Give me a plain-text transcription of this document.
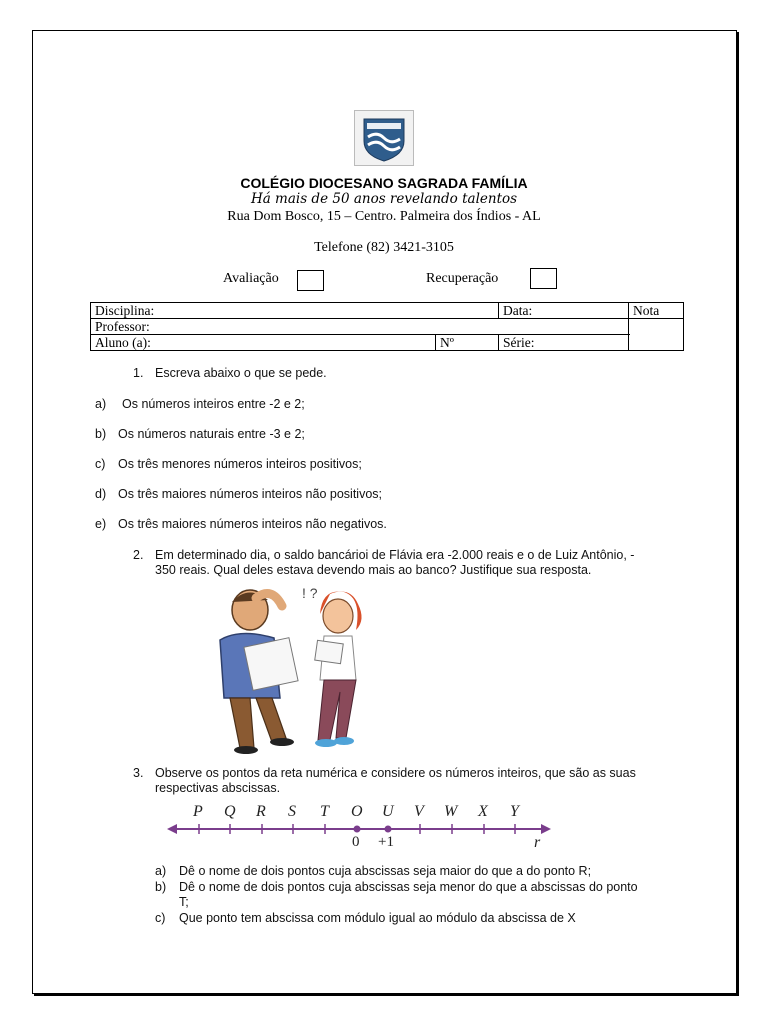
COLÉGIO DIOCESANO SAGRADA FAMÍLIA
Há mais de 50 anos revelando talentos
Rua Dom Bosco, 15 – Centro. Palmeira dos Índios - AL
Telefone (82) 3421-3105
Avaliação	Recuperação
Disciplina:		Data:	Nota
Professor:			
Aluno (a):	Nº	Série:	
1. Escreva abaixo o que se pede.
a) Os números inteiros entre -2 e 2;
b) Os números naturais entre -3 e 2;
c) Os três menores números inteiros positivos;
d) Os três maiores números inteiros não positivos;
e) Os três maiores números inteiros não negativos.
2. Em determinado dia, o saldo bancárioi de Flávia era -2.000 reais e o de Luiz Antônio, -
350 reais. Qual deles estava devendo mais ao banco? Justifique sua resposta.
! ?
3. Observe os pontos da reta numérica e considere os números inteiros, que são as suas
respectivas abscissas.
P Q R S T O U V W X Y
0 +1	r
a) Dê o nome de dois pontos cuja abscissas seja maior do que a do ponto R;
b) Dê o nome de dois pontos cuja abscissas seja menor do que a abscissas do ponto
T;
c) Que ponto tem abscissa com módulo igual ao módulo da abscissa de X
